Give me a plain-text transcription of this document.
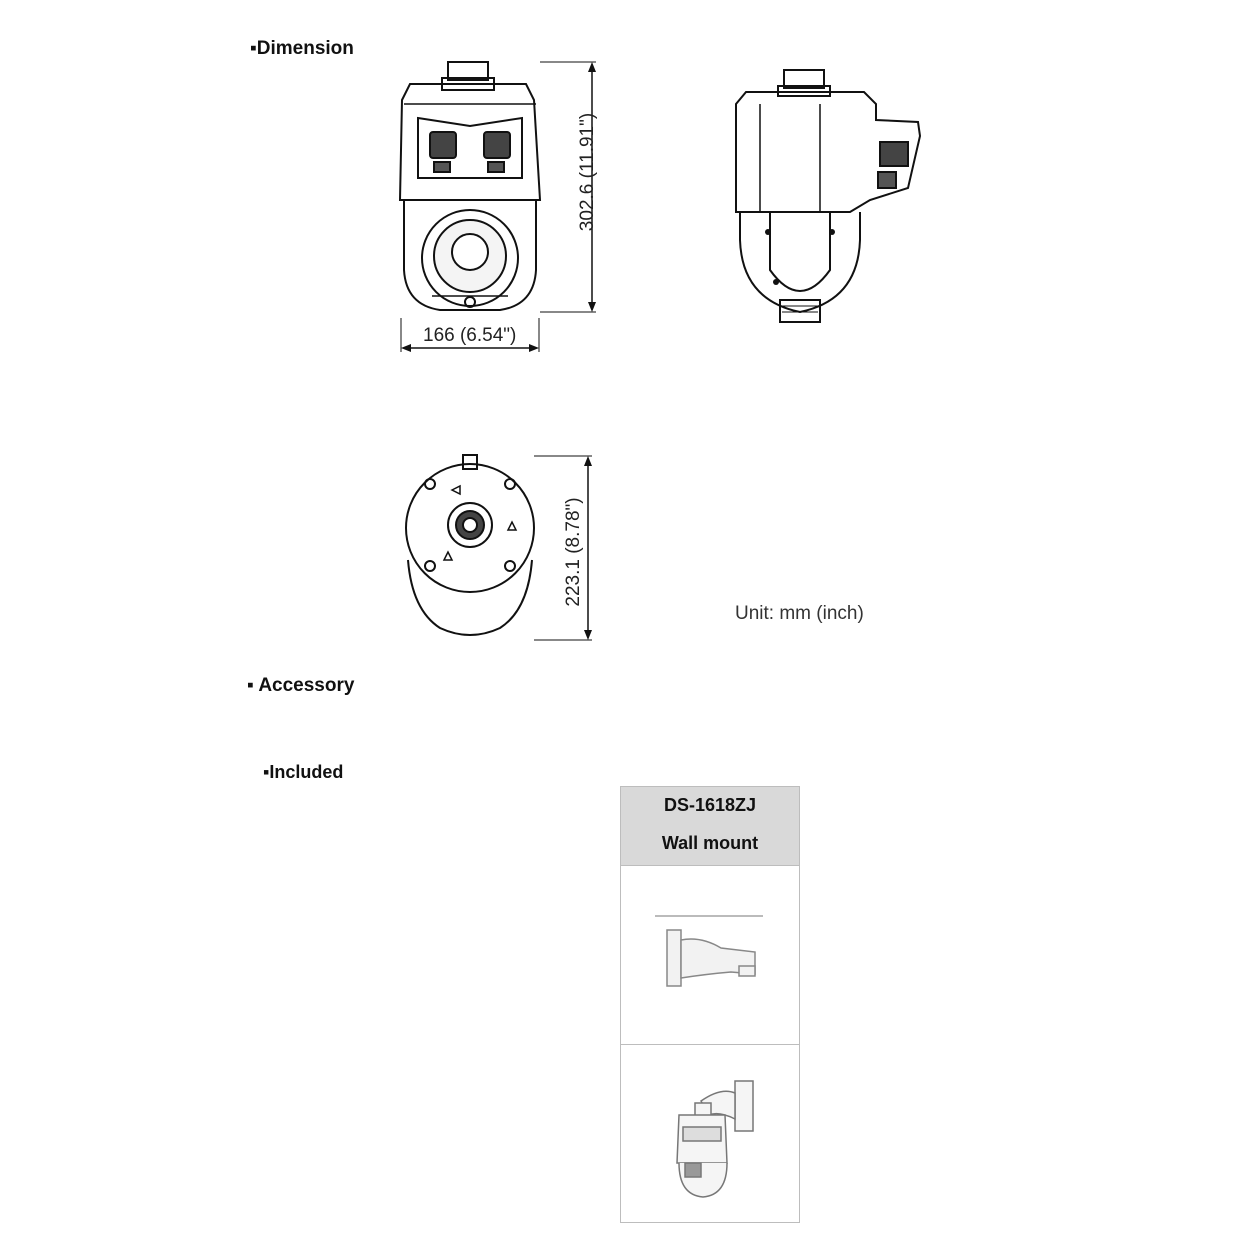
▪Dimension
302.6 (11.91")
166 (6.54")
223.1 (8.78")
Unit: mm (inch)
▪ Accessory
▪Included
DS-1618ZJ
Wall mount
